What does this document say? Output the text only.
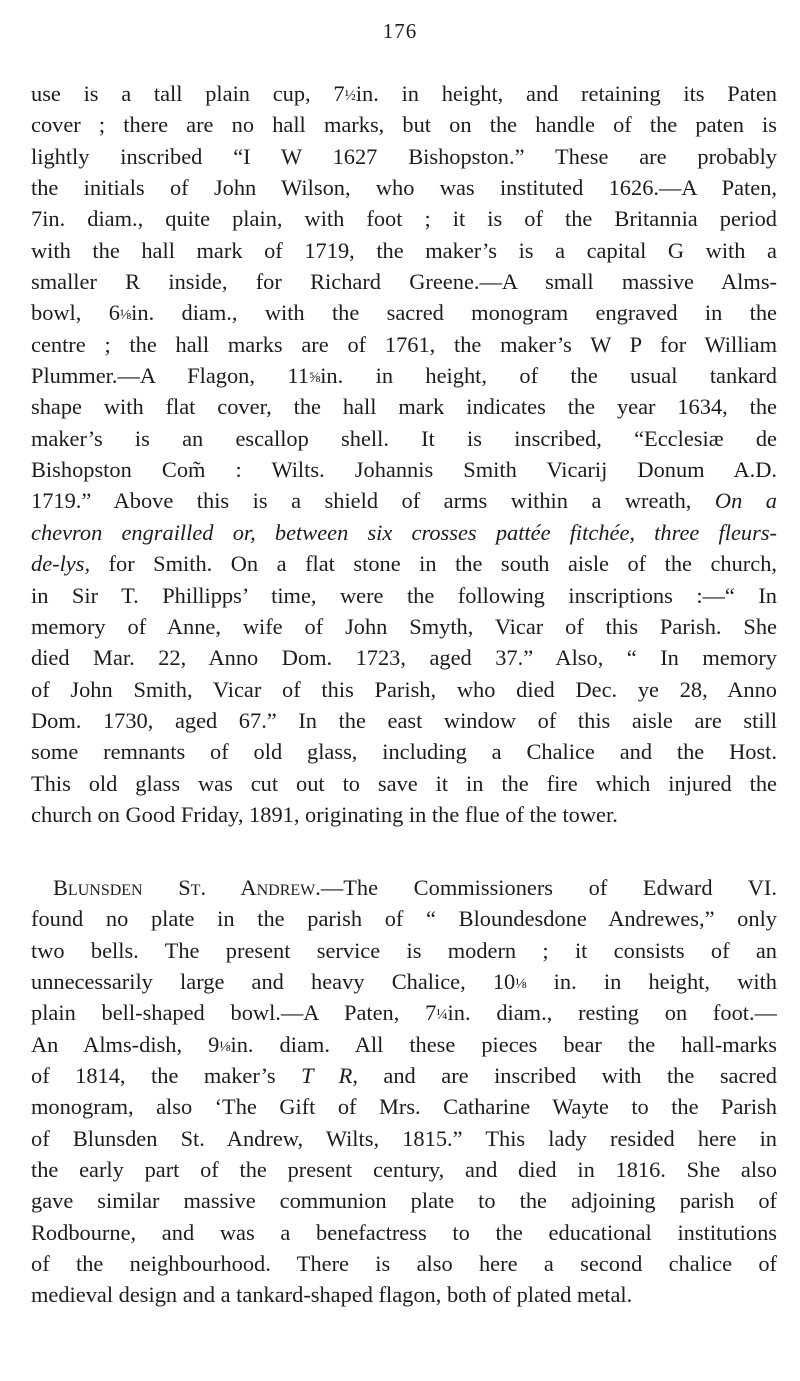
176
use is a tall plain cup, 7½in. in height, and retaining its Paten
cover ; there are no hall marks, but on the handle of the paten is
lightly inscribed “I W 1627 Bishopston.” These are probably
the initials of John Wilson, who was instituted 1626.—A Paten,
7in. diam., quite plain, with foot ; it is of the Britannia period
with the hall mark of 1719, the maker’s is a capital G with a
smaller R inside, for Richard Greene.—A small massive Alms-
bowl, 6⅛in. diam., with the sacred monogram engraved in the
centre ; the hall marks are of 1761, the maker’s W P for William
Plummer.—A Flagon, 11⅝in. in height, of the usual tankard
shape with flat cover, the hall mark indicates the year 1634, the
maker’s is an escallop shell. It is inscribed, “Ecclesiæ de
Bishopston Com̃ : Wilts. Johannis Smith Vicarij Donum A.D.
1719.” Above this is a shield of arms within a wreath, On a
chevron engrailled or, between six crosses pattée fitchée, three fleurs-
de-lys, for Smith. On a flat stone in the south aisle of the church,
in Sir T. Phillipps’ time, were the following inscriptions :—“ In
memory of Anne, wife of John Smyth, Vicar of this Parish. She
died Mar. 22, Anno Dom. 1723, aged 37.” Also, “ In memory
of John Smith, Vicar of this Parish, who died Dec. ye 28, Anno
Dom. 1730, aged 67.” In the east window of this aisle are still
some remnants of old glass, including a Chalice and the Host.
This old glass was cut out to save it in the fire which injured the
church on Good Friday, 1891, originating in the flue of the tower.
Blunsden St. Andrew.—The Commissioners of Edward VI.
found no plate in the parish of “ Bloundesdone Andrewes,” only
two bells. The present service is modern ; it consists of an
unnecessarily large and heavy Chalice, 10⅛ in. in height, with
plain bell-shaped bowl.—A Paten, 7¼in. diam., resting on foot.—
An Alms-dish, 9⅛in. diam. All these pieces bear the hall-marks
of 1814, the maker’s T R, and are inscribed with the sacred
monogram, also ‘The Gift of Mrs. Catharine Wayte to the Parish
of Blunsden St. Andrew, Wilts, 1815.” This lady resided here in
the early part of the present century, and died in 1816. She also
gave similar massive communion plate to the adjoining parish of
Rodbourne, and was a benefactress to the educational institutions
of the neighbourhood. There is also here a second chalice of
medieval design and a tankard-shaped flagon, both of plated metal.
